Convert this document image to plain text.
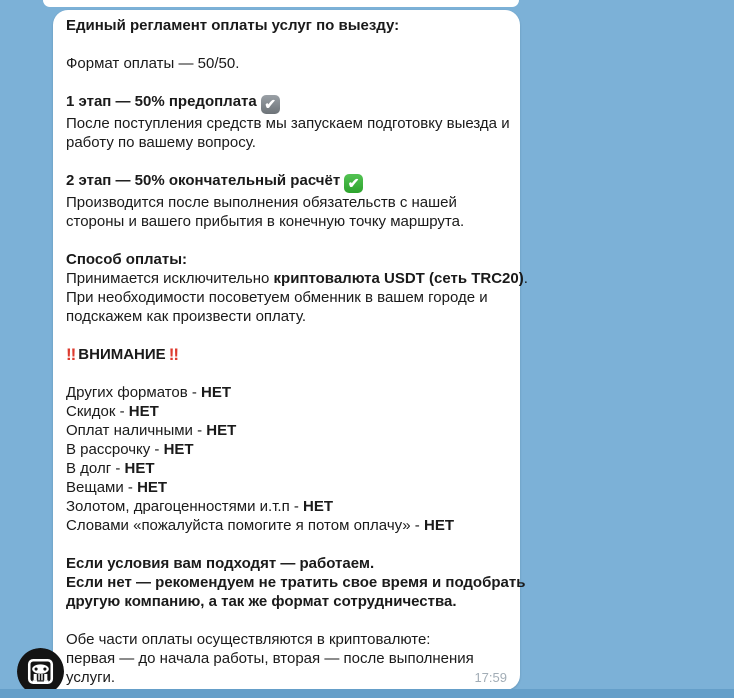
Единый регламент оплаты услуг по выезду:
Формат оплаты — 50/50.
1 этап — 50% предоплата ✔
После поступления средств мы запускаем подготовку выезда и
работу по вашему вопросу.
2 этап — 50% окончательный расчёт ✔
Производится после выполнения обязательств с нашей
стороны и вашего прибытия в конечную точку маршрута.
Способ оплаты:
Принимается исключительно криптовалюта USDT (сеть TRC20).
При необходимости посоветуем обменник в вашем городе и
подскажем как произвести оплату.
‼ ВНИМАНИЕ ‼
Других форматов - НЕТ
Скидок - НЕТ
Оплат наличными - НЕТ
В рассрочку - НЕТ
В долг - НЕТ
Вещами - НЕТ
Золотом, драгоценностями и.т.п - НЕТ
Словами «пожалуйста помогите я потом оплачу» - НЕТ
Если условия вам подходят — работаем.
Если нет — рекомендуем не тратить свое время и подобрать
другую компанию, а так же формат сотрудничества.
Обе части оплаты осуществляются в криптовалюте:
первая — до начала работы, вторая — после выполнения
услуги.	17:59
